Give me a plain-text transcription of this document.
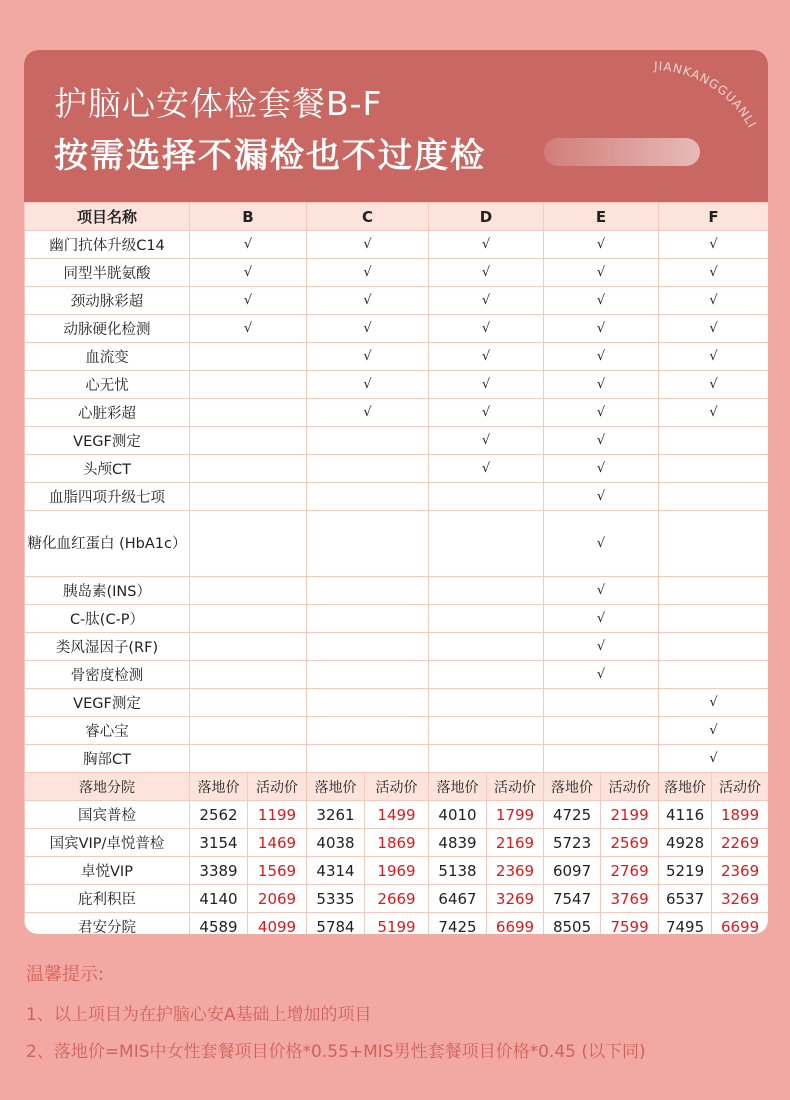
护脑心安体检套餐B-F
按需选择不漏检也不过度检
JIANKANGGUANLI
项目名称	B		C		D		E		F	
幽门抗体升级C14	√		√		√		√		√	
同型半胱氨酸	√		√		√		√		√	
颈动脉彩超	√		√		√		√		√	
动脉硬化检测	√		√		√		√		√	
血流变			√		√		√		√	
心无忧			√		√		√		√	
心脏彩超			√		√		√		√	
VEGF测定					√		√			
头颅CT					√		√			
血脂四项升级七项							√			
糖化血红蛋白 (HbA1c）							√			
胰岛素(INS）							√			
C-肽(C-P）							√			
类风湿因子(RF)							√			
骨密度检测							√			
VEGF测定									√	
睿心宝									√	
胸部CT									√	
落地分院	落地价	活动价	落地价	活动价	落地价	活动价	落地价	活动价	落地价	活动价
国宾普检	2562	1199	3261	1499	4010	1799	4725	2199	4116	1899
国宾VIP/卓悦普检	3154	1469	4038	1869	4839	2169	5723	2569	4928	2269
卓悦VIP	3389	1569	4314	1969	5138	2369	6097	2769	5219	2369
庇利积臣	4140	2069	5335	2669	6467	3269	7547	3769	6537	3269
君安分院	4589	4099	5784	5199	7425	6699	8505	7599	7495	6699
温馨提示:
1、以上项目为在护脑心安A基础上增加的项目
2、落地价=MIS中女性套餐项目价格*0.55+MIS男性套餐项目价格*0.45 (以下同)
